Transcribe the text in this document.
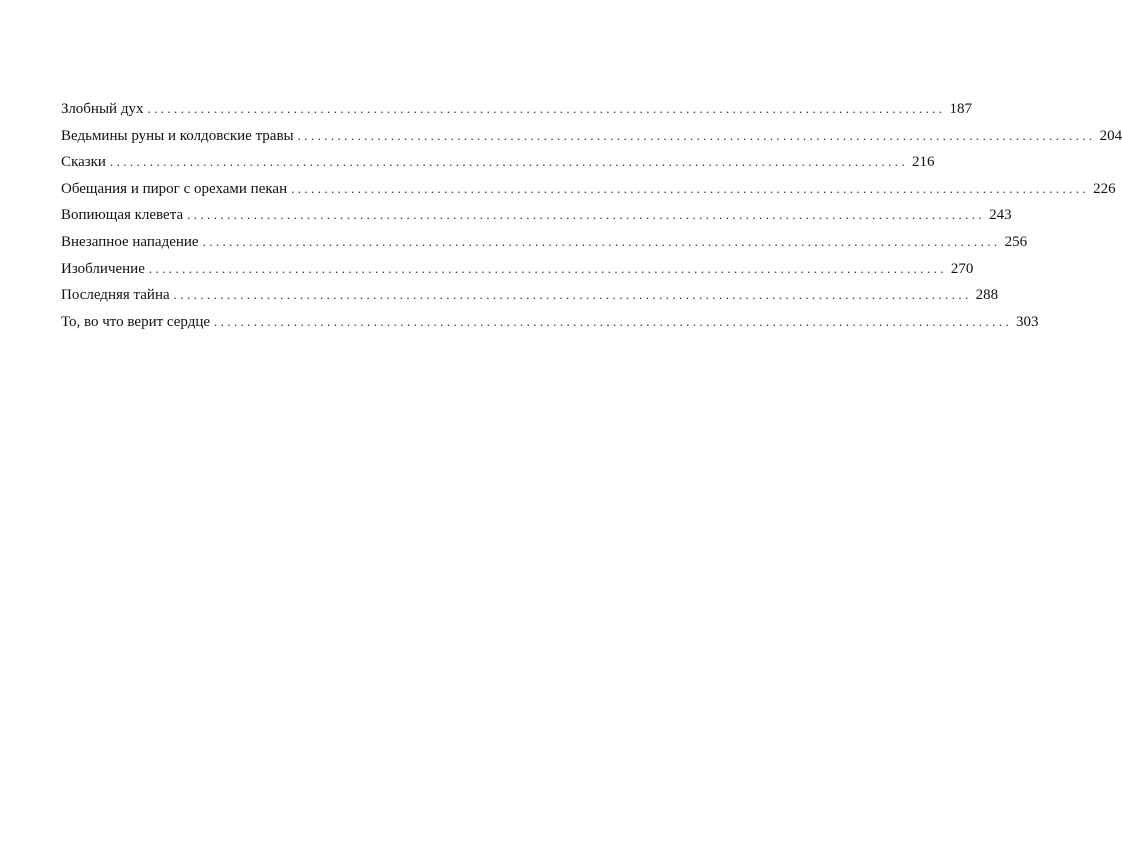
Злобный дух ........................................................................................................................ 187
Ведьмины руны и колдовские травы ........................................................................................................................ 204
Сказки ........................................................................................................................ 216
Обещания и пирог с орехами пекан ........................................................................................................................ 226
Вопиющая клевета ........................................................................................................................ 243
Внезапное нападение ........................................................................................................................ 256
Изобличение ........................................................................................................................ 270
Последняя тайна ........................................................................................................................ 288
То, во что верит сердце ........................................................................................................................ 303
